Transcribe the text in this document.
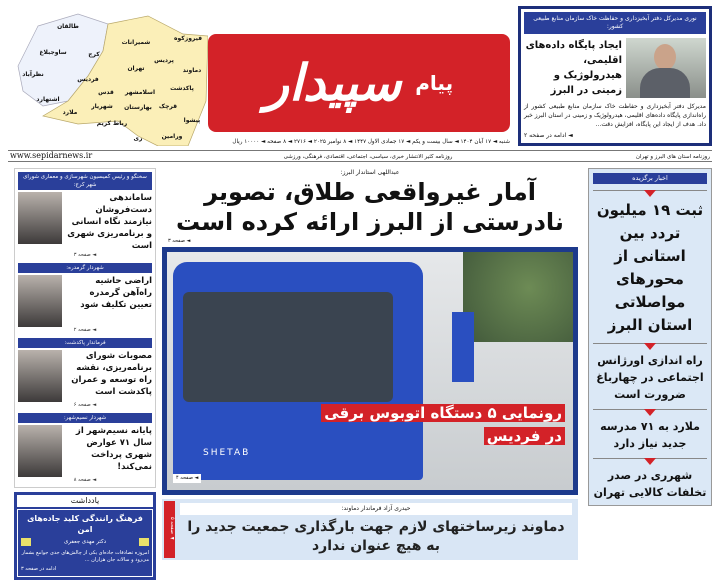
طالقان
ساوجبلاغ	کرج
نظرآباد
اشتهارد
فردیس
شمیرانات
تهران
پردیس
دماوند
فیروزکوه
ملارد
قدس اسلامشهر
شهریار بهارستان
رباط کریم
ری
پاکدشت
قرچک
پیشوا
ورامین
سپیدار پیام
شنبه ◄ ۱۷ آبان ۱۴۰۴ ◄ سال بیست و یکم ◄ ۱۷ جمادی الاول ۱۴۴۷ ◄ ۸ نوامبر ۲۰۲۵ ◄ ۲۷۱۶ ◄ ۸ صفحه ◄ ۱۰۰۰۰ ریال
نوری مدیرکل دفتر آبخیزداری و حفاظت خاک سازمان منابع طبیعی کشور:
ایجاد پایگاه داده‌های اقلیمی، هیدرولوژیک و زمینی در البرز
مدیرکل دفتر آبخیزداری و حفاظت خاک سازمان منابع طبیعی کشور از راه‌اندازی پایگاه داده‌های اقلیمی، هیدرولوژیک و زمینی در استان البرز خبر داد. هدف از ایجاد این پایگاه، افزایش دقت...
◄ ادامه در صفحه ۲
www.sepidarnews.ir	روزنامه کثیر الانتشار خبری، سیاسی، اجتماعی، اقتصادی، فرهنگی، ورزشی	روزنامه استان های البرز و تهران
سخنگو و رئیس کمیسیون شهرسازی و معماری شورای شهر کرج:
ساماندهی دست‌فروشان نیازمند نگاه انسانی و برنامه‌ریزی شهری است
◄ صفحه ۳
شهردار گرمدره:
اراضی حاشیه راه‌آهن گرمدره تعیین تکلیف شود
◄ صفحه ۲
فرماندار پاکدشت:
مصوبات شورای برنامه‌ریزی، نقشه راه توسعه و عمران پاکدشت است
◄ صفحه ۶
شهردار نسیم‌شهر:
پایانه نسیم‌شهر از سال ۷۱ عوارض شهری پرداخت نمی‌کند!
◄ صفحه ۸
یادداشت
فرهنگ رانندگی کلید جاده‌های امن
دکتر مهدی جعفری
امروزه تصادفات جاده‌ای یکی از چالش‌های جدی جوامع بشمار می‌رود و سالانه جان هزاران ...
ادامه در صفحه ۳
عبداللهی استاندار البرز:
آمار غیرواقعی طلاق، تصویر نادرستی از البرز ارائه کرده است
◄ صفحه ۳
SHETAB
رونمایی ۵ دستگاه اتوبوس برقی
در فردیس
◄ صفحه ۴
◄ صفحه ۵
حیدری آزاد فرماندار دماوند:
دماوند زیرساختهای لازم جهت بارگذاری جمعیت جدید را به هیچ عنوان ندارد
اخبار برگزیده
ثبت ۱۹ میلیون تردد بین استانی از محورهای مواصلاتی استان البرز
راه اندازی اورژانس اجتماعی در چهارباغ ضرورت است
ملارد به ۷۱ مدرسه جدید نیاز دارد
شهرری در صدر تخلفات کالایی تهران
